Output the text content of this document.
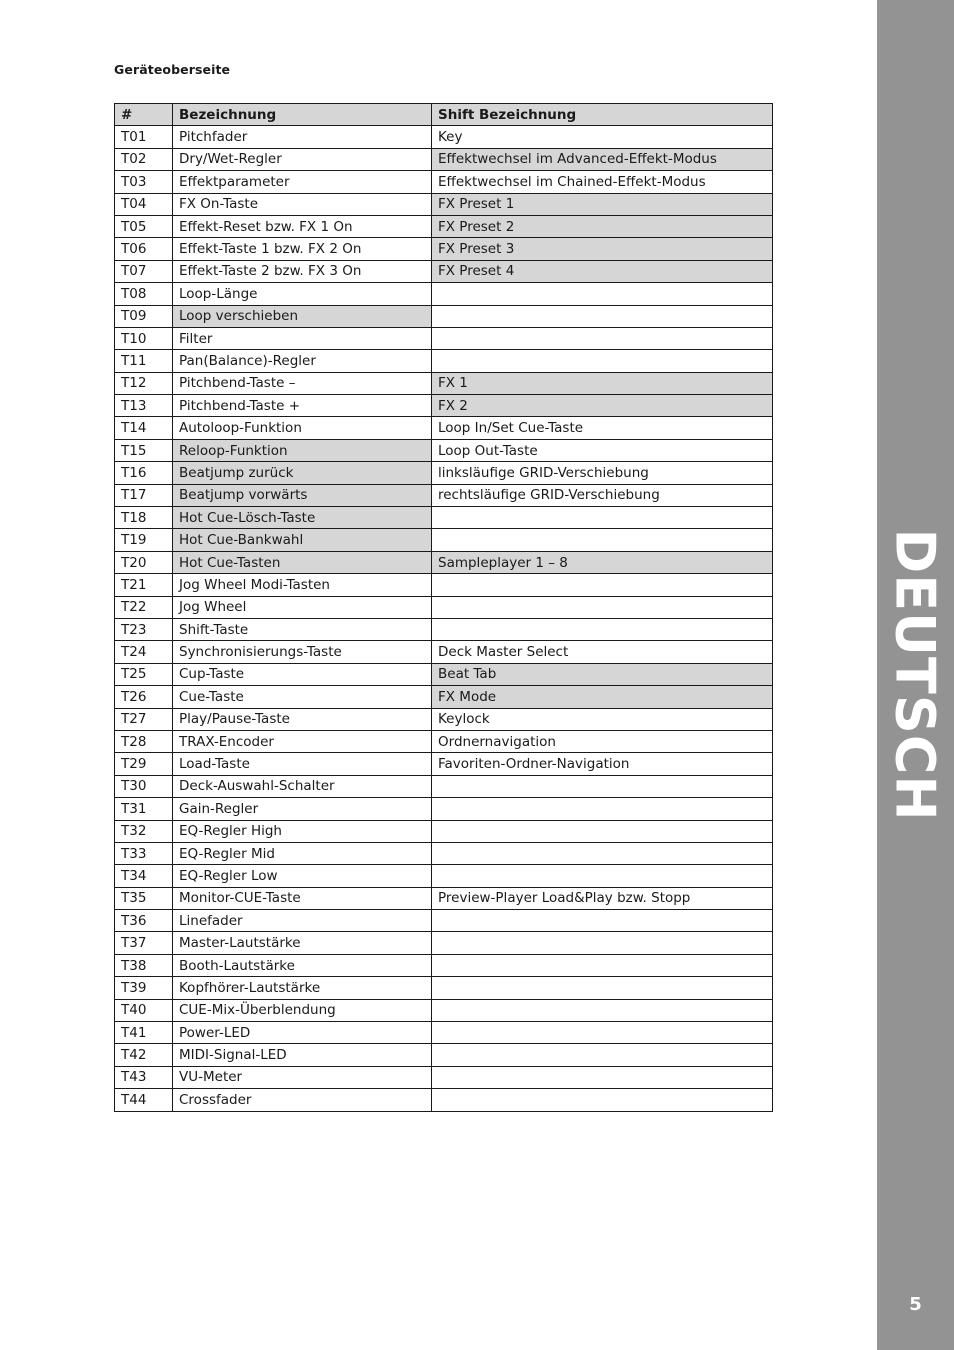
Geräteoberseite
#	Bezeichnung	Shift Bezeichnung
T01	Pitchfader	Key
T02	Dry/Wet-Regler	Effektwechsel im Advanced-Effekt-Modus
T03	Effektparameter	Effektwechsel im Chained-Effekt-Modus
T04	FX On-Taste	FX Preset 1
T05	Effekt-Reset bzw. FX 1 On	FX Preset 2
T06	Effekt-Taste 1 bzw. FX 2 On	FX Preset 3
T07	Effekt-Taste 2 bzw. FX 3 On	FX Preset 4
T08	Loop-Länge	
T09	Loop verschieben	
T10	Filter	
T11	Pan(Balance)-Regler	
T12	Pitchbend-Taste –	FX 1
T13	Pitchbend-Taste +	FX 2
T14	Autoloop-Funktion	Loop In/Set Cue-Taste
T15	Reloop-Funktion	Loop Out-Taste
T16	Beatjump zurück	linksläufige GRID-Verschiebung
T17	Beatjump vorwärts	rechtsläufige GRID-Verschiebung
T18	Hot Cue-Lösch-Taste	
T19	Hot Cue-Bankwahl	
T20	Hot Cue-Tasten	Sampleplayer 1 – 8
T21	Jog Wheel Modi-Tasten	
T22	Jog Wheel	
T23	Shift-Taste	
T24	Synchronisierungs-Taste	Deck Master Select
T25	Cup-Taste	Beat Tab
T26	Cue-Taste	FX Mode
T27	Play/Pause-Taste	Keylock
T28	TRAX-Encoder	Ordnernavigation
T29	Load-Taste	Favoriten-Ordner-Navigation
T30	Deck-Auswahl-Schalter	
T31	Gain-Regler	
T32	EQ-Regler High	
T33	EQ-Regler Mid	
T34	EQ-Regler Low	
T35	Monitor-CUE-Taste	Preview-Player Load&Play bzw. Stopp
T36	Linefader	
T37	Master-Lautstärke	
T38	Booth-Lautstärke	
T39	Kopfhörer-Lautstärke	
T40	CUE-Mix-Überblendung	
T41	Power-LED	
T42	MIDI-Signal-LED	
T43	VU-Meter	
T44	Crossfader	
DEUTSCH
5
